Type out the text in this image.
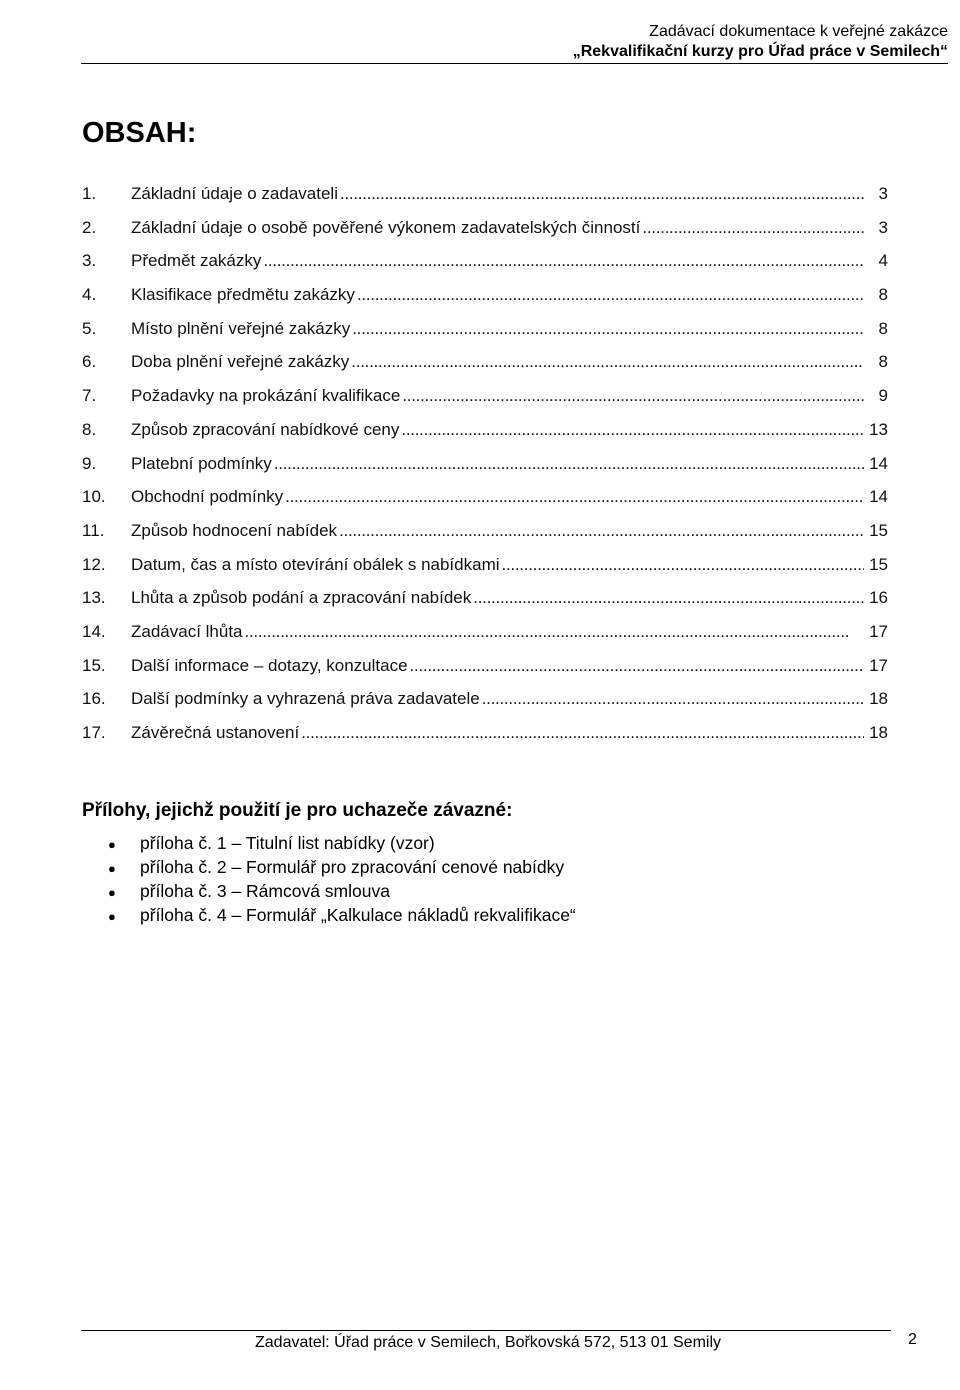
Zadávací dokumentace k veřejné zakázce
„Rekvalifikační kurzy pro Úřad práce v Semilech“
OBSAH:
1.	Základní údaje o zadavateli . . .	3
2.	Základní údaje o osobě pověřené výkonem zadavatelských činností . . .	3
3.	Předmět zakázky . . .	4
4.	Klasifikace předmětu zakázky . . .	8
5.	Místo plnění veřejné zakázky . . .	8
6.	Doba plnění veřejné zakázky . . .	8
7.	Požadavky na prokázání kvalifikace . . .	9
8.	Způsob zpracování nabídkové ceny . . .	13
9.	Platební podmínky . . .	14
10.	Obchodní podmínky . . .	14
11.	Způsob hodnocení nabídek . . .	15
12.	Datum, čas a místo otevírání obálek s nabídkami . . .	15
13.	Lhůta a způsob podání a zpracování nabídek . . .	16
14.	Zadávací lhůta . . .	17
15.	Další informace – dotazy, konzultace . . .	17
16.	Další podmínky a vyhrazená práva zadavatele . . .	18
17.	Závěrečná ustanovení . . .	18
Přílohy, jejichž použití je pro uchazeče závazné:
●	příloha č. 1 – Titulní list nabídky (vzor)
●	příloha č. 2 – Formulář pro zpracování cenové nabídky
●	příloha č. 3 – Rámcová smlouva
●	příloha č. 4 – Formulář „Kalkulace nákladů rekvalifikace“
Zadavatel: Úřad práce v Semilech, Bořkovská 572, 513 01 Semily	2
